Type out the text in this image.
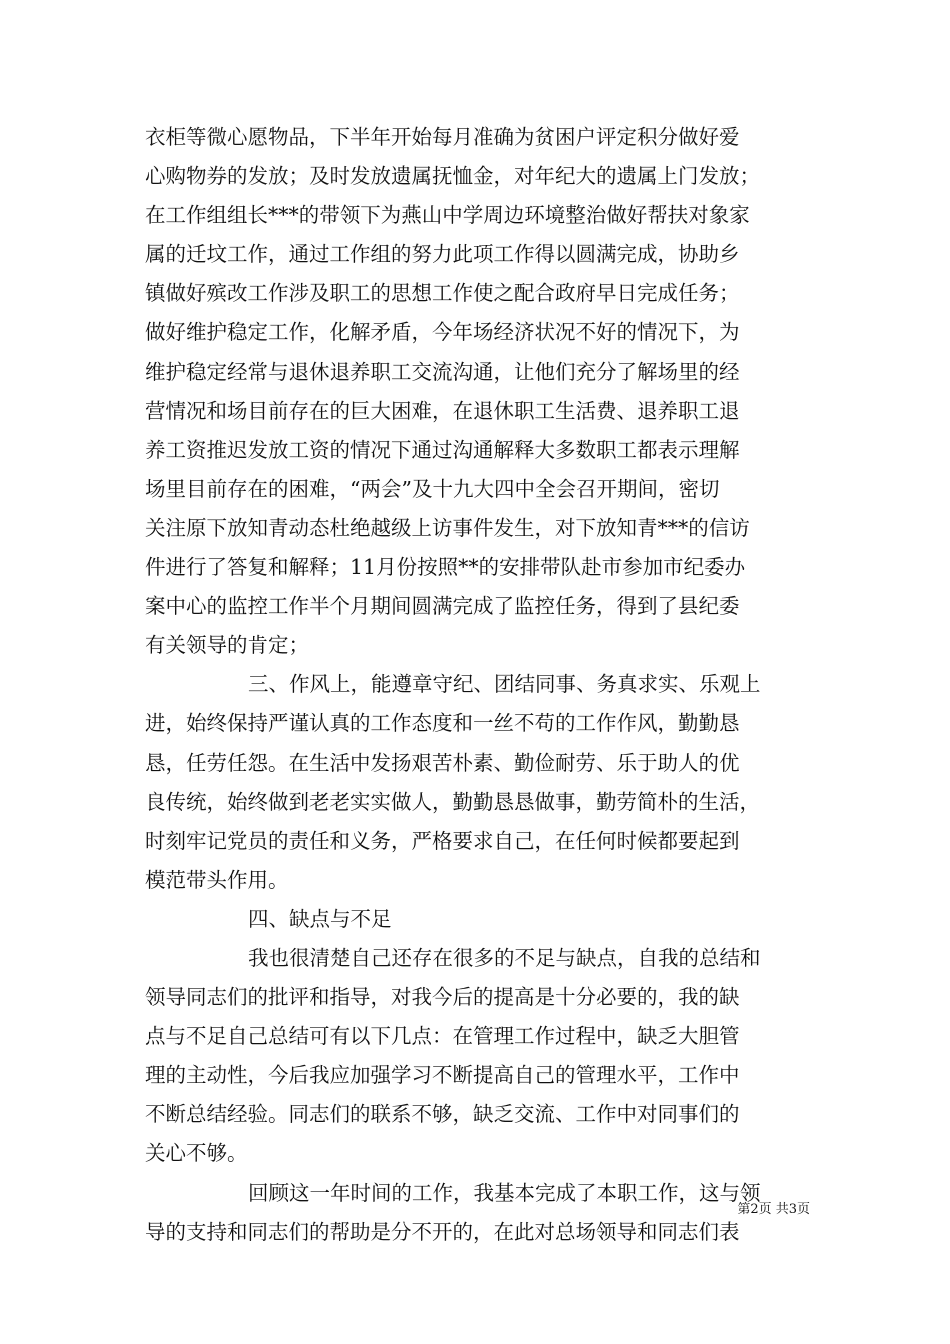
衣柜等微心愿物品，下半年开始每月准确为贫困户评定积分做好爱
心购物券的发放；及时发放遗属抚恤金，对年纪大的遗属上门发放；
在工作组组长***的带领下为燕山中学周边环境整治做好帮扶对象家
属的迁坟工作，通过工作组的努力此项工作得以圆满完成，协助乡
镇做好殡改工作涉及职工的思想工作使之配合政府早日完成任务；
做好维护稳定工作，化解矛盾，今年场经济状况不好的情况下，为
维护稳定经常与退休退养职工交流沟通，让他们充分了解场里的经
营情况和场目前存在的巨大困难，在退休职工生活费、退养职工退
养工资推迟发放工资的情况下通过沟通解释大多数职工都表示理解
场里目前存在的困难，“两会”及十九大四中全会召开期间，密切
关注原下放知青动态杜绝越级上访事件发生，对下放知青***的信访
件进行了答复和解释；11月份按照**的安排带队赴市参加市纪委办
案中心的监控工作半个月期间圆满完成了监控任务，得到了县纪委
有关领导的肯定；
三、作风上，能遵章守纪、团结同事、务真求实、乐观上
进，始终保持严谨认真的工作态度和一丝不苟的工作作风，勤勤恳
恳，任劳任怨。在生活中发扬艰苦朴素、勤俭耐劳、乐于助人的优
良传统，始终做到老老实实做人，勤勤恳恳做事，勤劳简朴的生活，
时刻牢记党员的责任和义务，严格要求自己，在任何时候都要起到
模范带头作用。
四、缺点与不足
我也很清楚自己还存在很多的不足与缺点，自我的总结和
领导同志们的批评和指导，对我今后的提高是十分必要的，我的缺
点与不足自己总结可有以下几点：在管理工作过程中，缺乏大胆管
理的主动性，今后我应加强学习不断提高自己的管理水平，工作中
不断总结经验。同志们的联系不够，缺乏交流、工作中对同事们的
关心不够。
回顾这一年时间的工作，我基本完成了本职工作，这与领
导的支持和同志们的帮助是分不开的，在此对总场领导和同志们表
第2页 共3页
